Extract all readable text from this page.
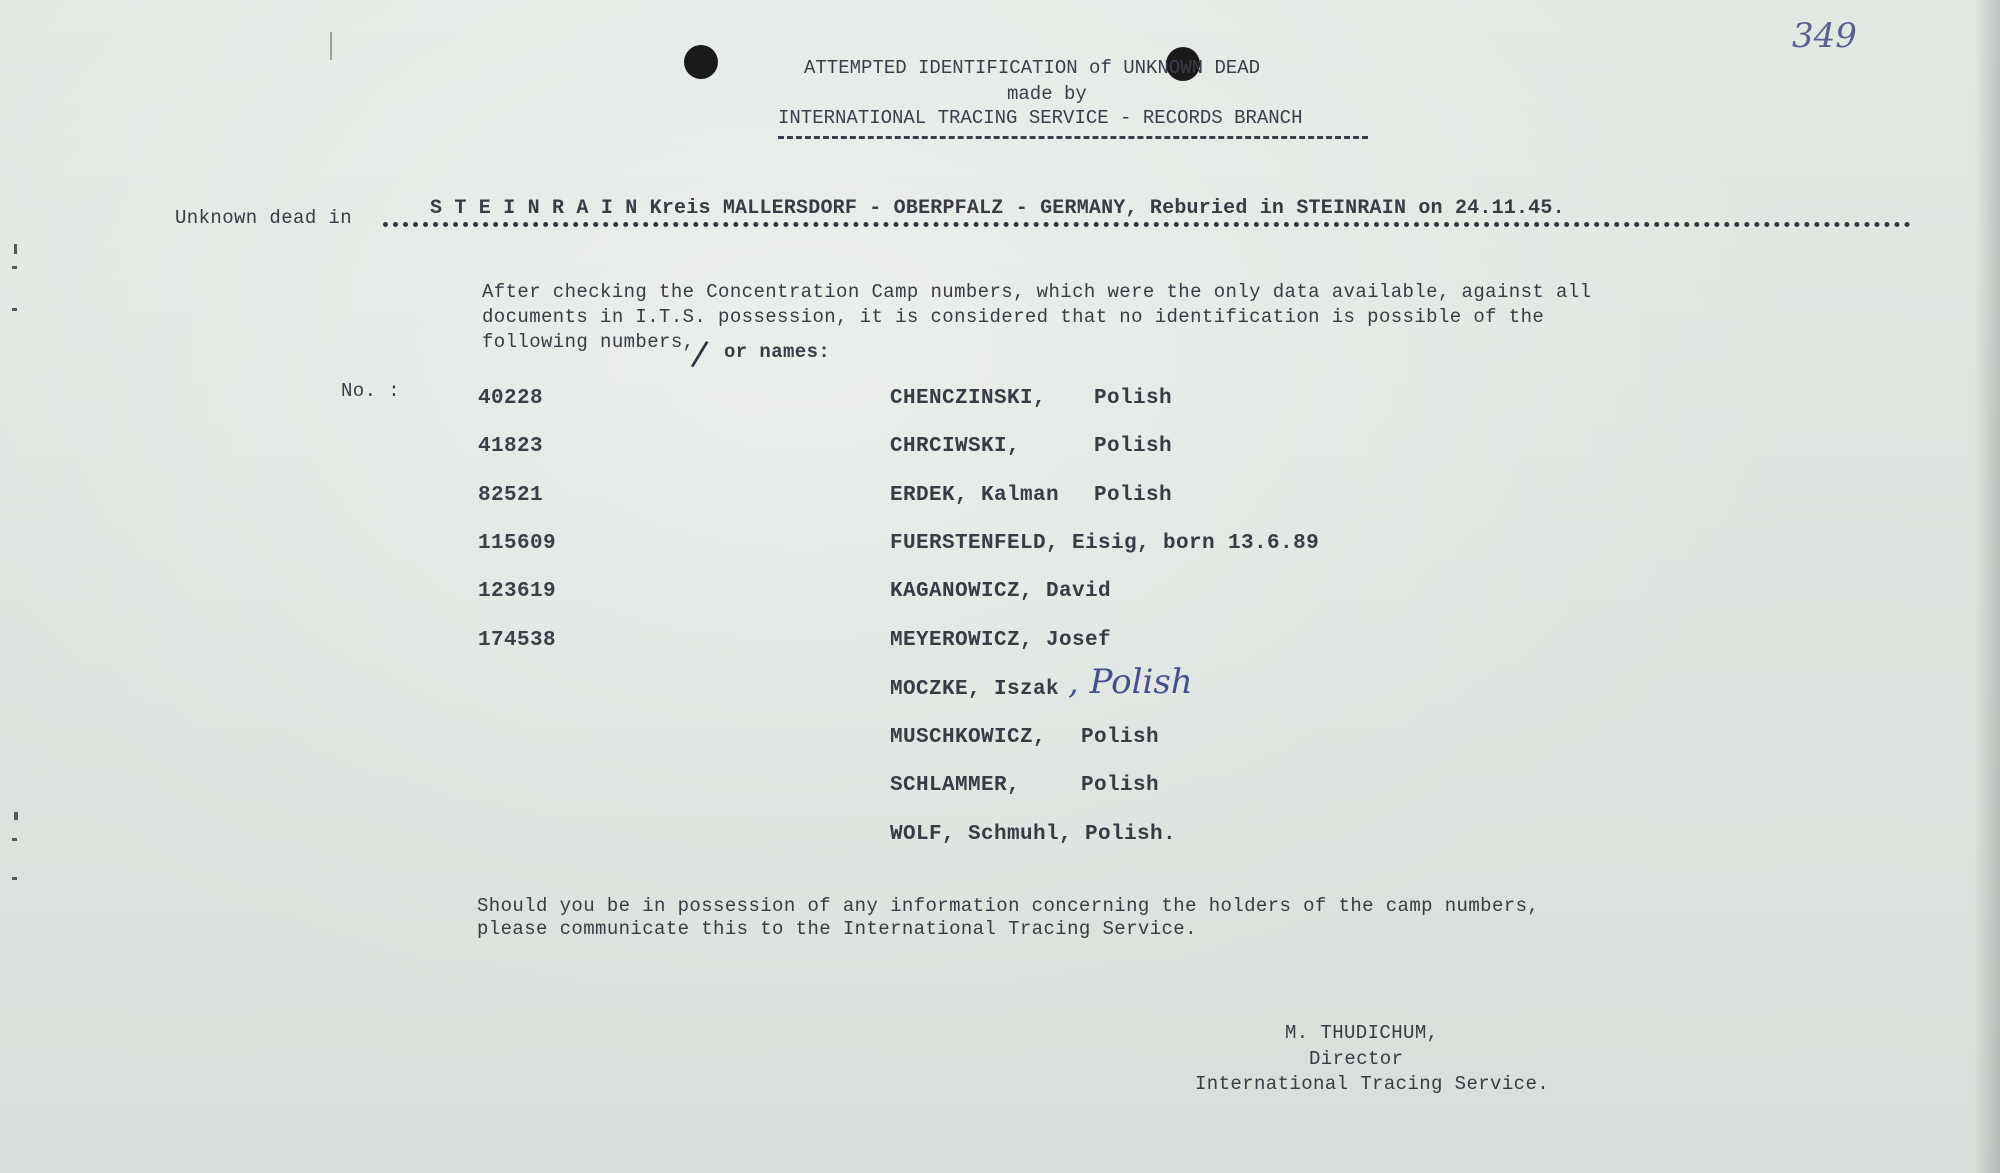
349
ATTEMPTED IDENTIFICATION of UNKNOWN DEAD
made by
INTERNATIONAL TRACING SERVICE - RECORDS BRANCH
Unknown dead in	S T E I N R A I N Kreis MALLERSDORF - OBERPFALZ - GERMANY, Reburied in STEINRAIN on 24.11.45.
After checking the Concentration Camp numbers, which were the only data available, against all
documents in I.T.S. possession, it is considered that no identification is possible of the
following numbers,
/ or names:
No. :	40228	CHENCZINSKI, Polish
41823	CHRCIWSKI,	Polish
82521	ERDEK, Kalman Polish
115609	FUERSTENFELD, Eisig, born 13.6.89
123619	KAGANOWICZ, David
174538	MEYEROWICZ, Josef
MOCZKE, Iszak , Polish
MUSCHKOWICZ, Polish
SCHLAMMER,	Polish
WOLF, Schmuhl, Polish.
Should you be in possession of any information concerning the holders of the camp numbers,
please communicate this to the International Tracing Service.
M. THUDICHUM,
Director
International Tracing Service.
